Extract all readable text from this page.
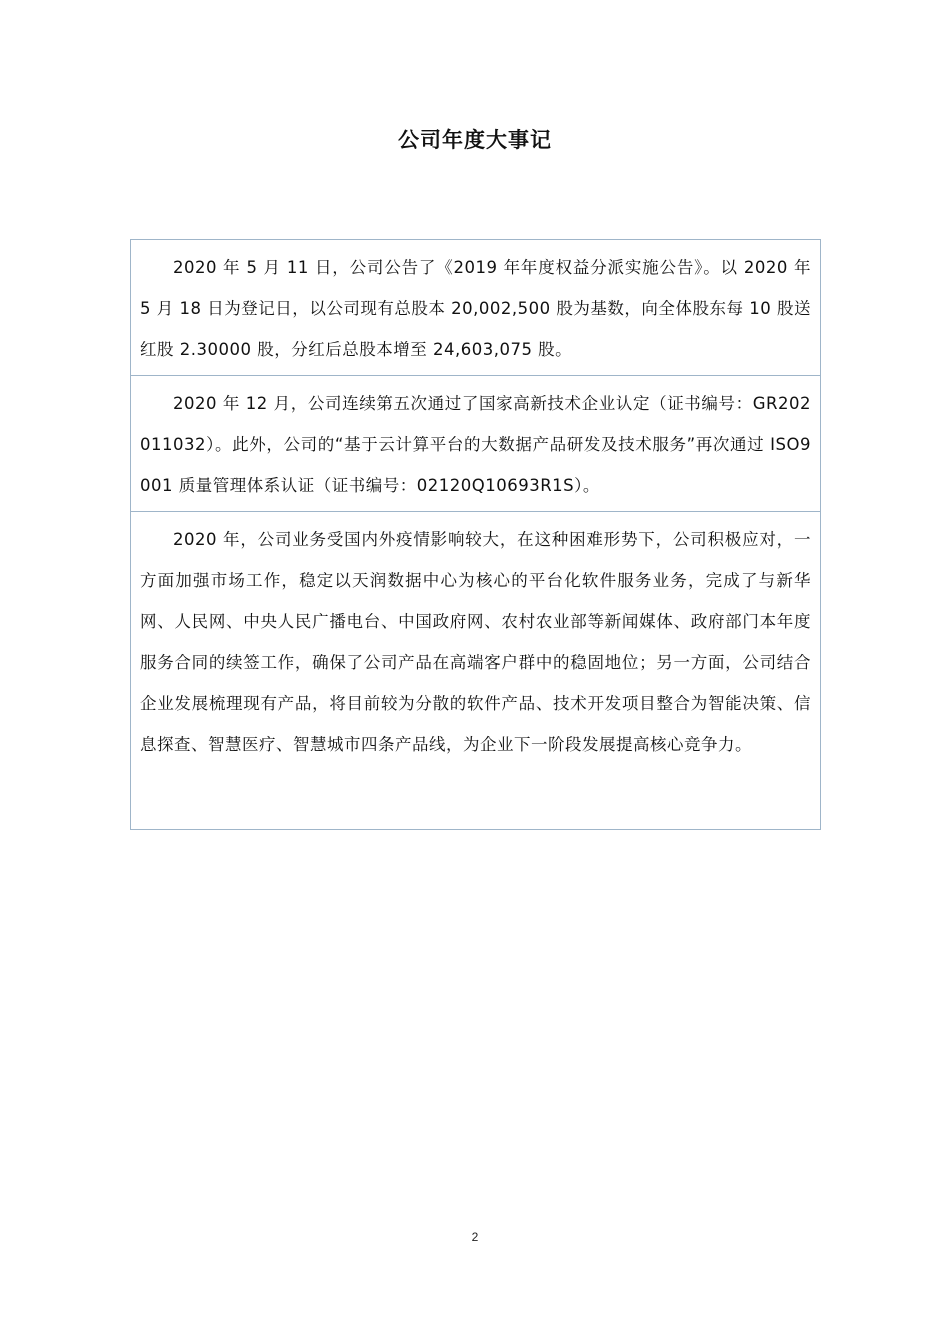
公司年度大事记

2020 年 5 月 11 日，公司公告了《2019 年年度权益分派实施公告》。以 2020 年 5 月 18 日为登记日，以公司现有总股本 20,002,500 股为基数，向全体股东每 10 股送红股 2.30000 股，分红后总股本增至 24,603,075 股。

2020 年 12 月，公司连续第五次通过了国家高新技术企业认定（证书编号：GR202011032）。此外，公司的“基于云计算平台的大数据产品研发及技术服务”再次通过 ISO9001 质量管理体系认证（证书编号：02120Q10693R1S）。

2020 年，公司业务受国内外疫情影响较大，在这种困难形势下，公司积极应对，一方面加强市场工作，稳定以天润数据中心为核心的平台化软件服务业务，完成了与新华网、人民网、中央人民广播电台、中国政府网、农村农业部等新闻媒体、政府部门本年度服务合同的续签工作，确保了公司产品在高端客户群中的稳固地位；另一方面，公司结合企业发展梳理现有产品，将目前较为分散的软件产品、技术开发项目整合为智能决策、信息探查、智慧医疗、智慧城市四条产品线，为企业下一阶段发展提高核心竞争力。

2
